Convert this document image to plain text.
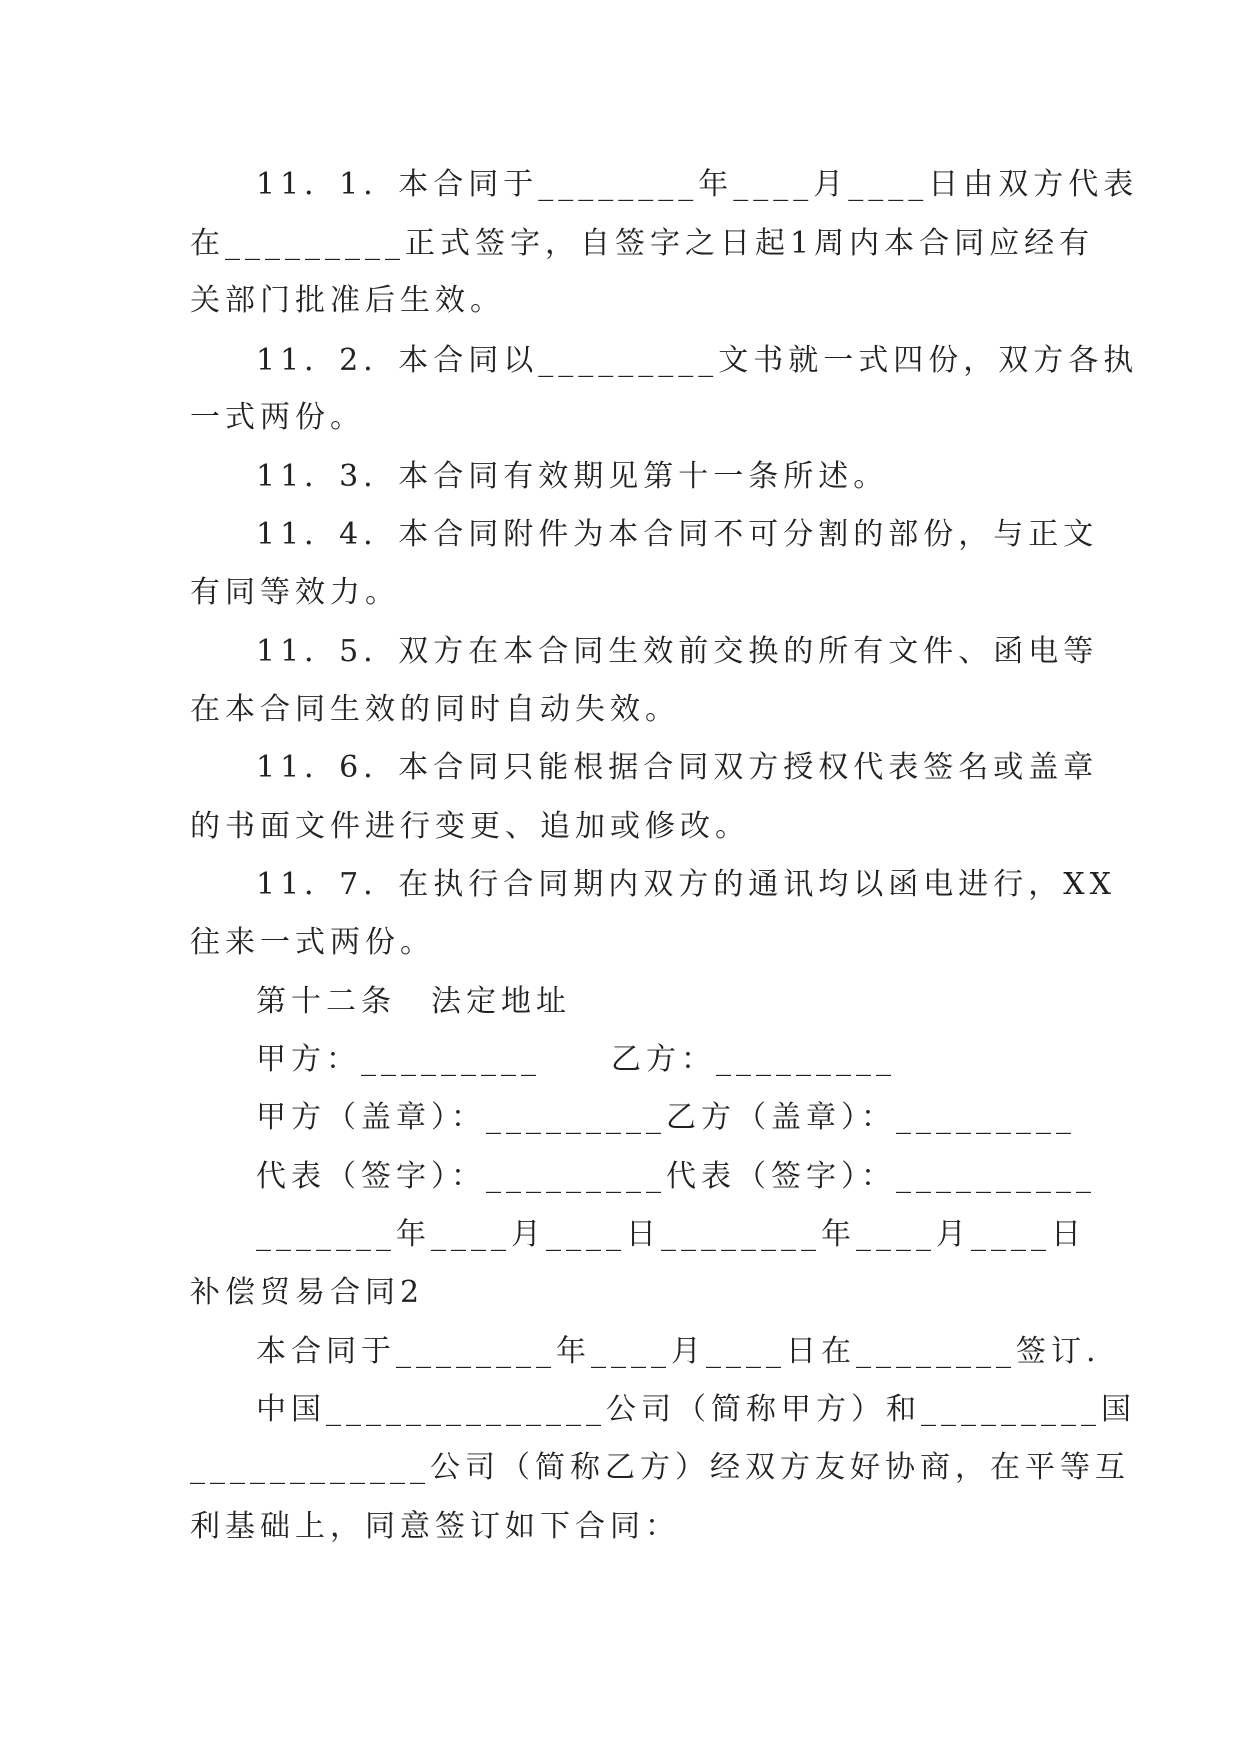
11．1．本合同于________年____月____日由双方代表
在_________正式签字，自签字之日起1周内本合同应经有
关部门批准后生效。
11．2．本合同以_________文书就一式四份，双方各执
一式两份。
11．3．本合同有效期见第十一条所述。
11．4．本合同附件为本合同不可分割的部份，与正文
有同等效力。
11．5．双方在本合同生效前交换的所有文件、函电等
在本合同生效的同时自动失效。
11．6．本合同只能根据合同双方授权代表签名或盖章
的书面文件进行变更、追加或修改。
11．7．在执行合同期内双方的通讯均以函电进行，XX
往来一式两份。
第十二条　法定地址
甲方：_________　　乙方：_________
甲方（盖章）：_________乙方（盖章）：_________
代表（签字）：_________代表（签字）：__________
_______年____月____日________年____月____日
补偿贸易合同2
本合同于________年____月____日在________签订.
中国______________公司（简称甲方）和_________国
____________公司（简称乙方）经双方友好协商，在平等互
利基础上，同意签订如下合同：
